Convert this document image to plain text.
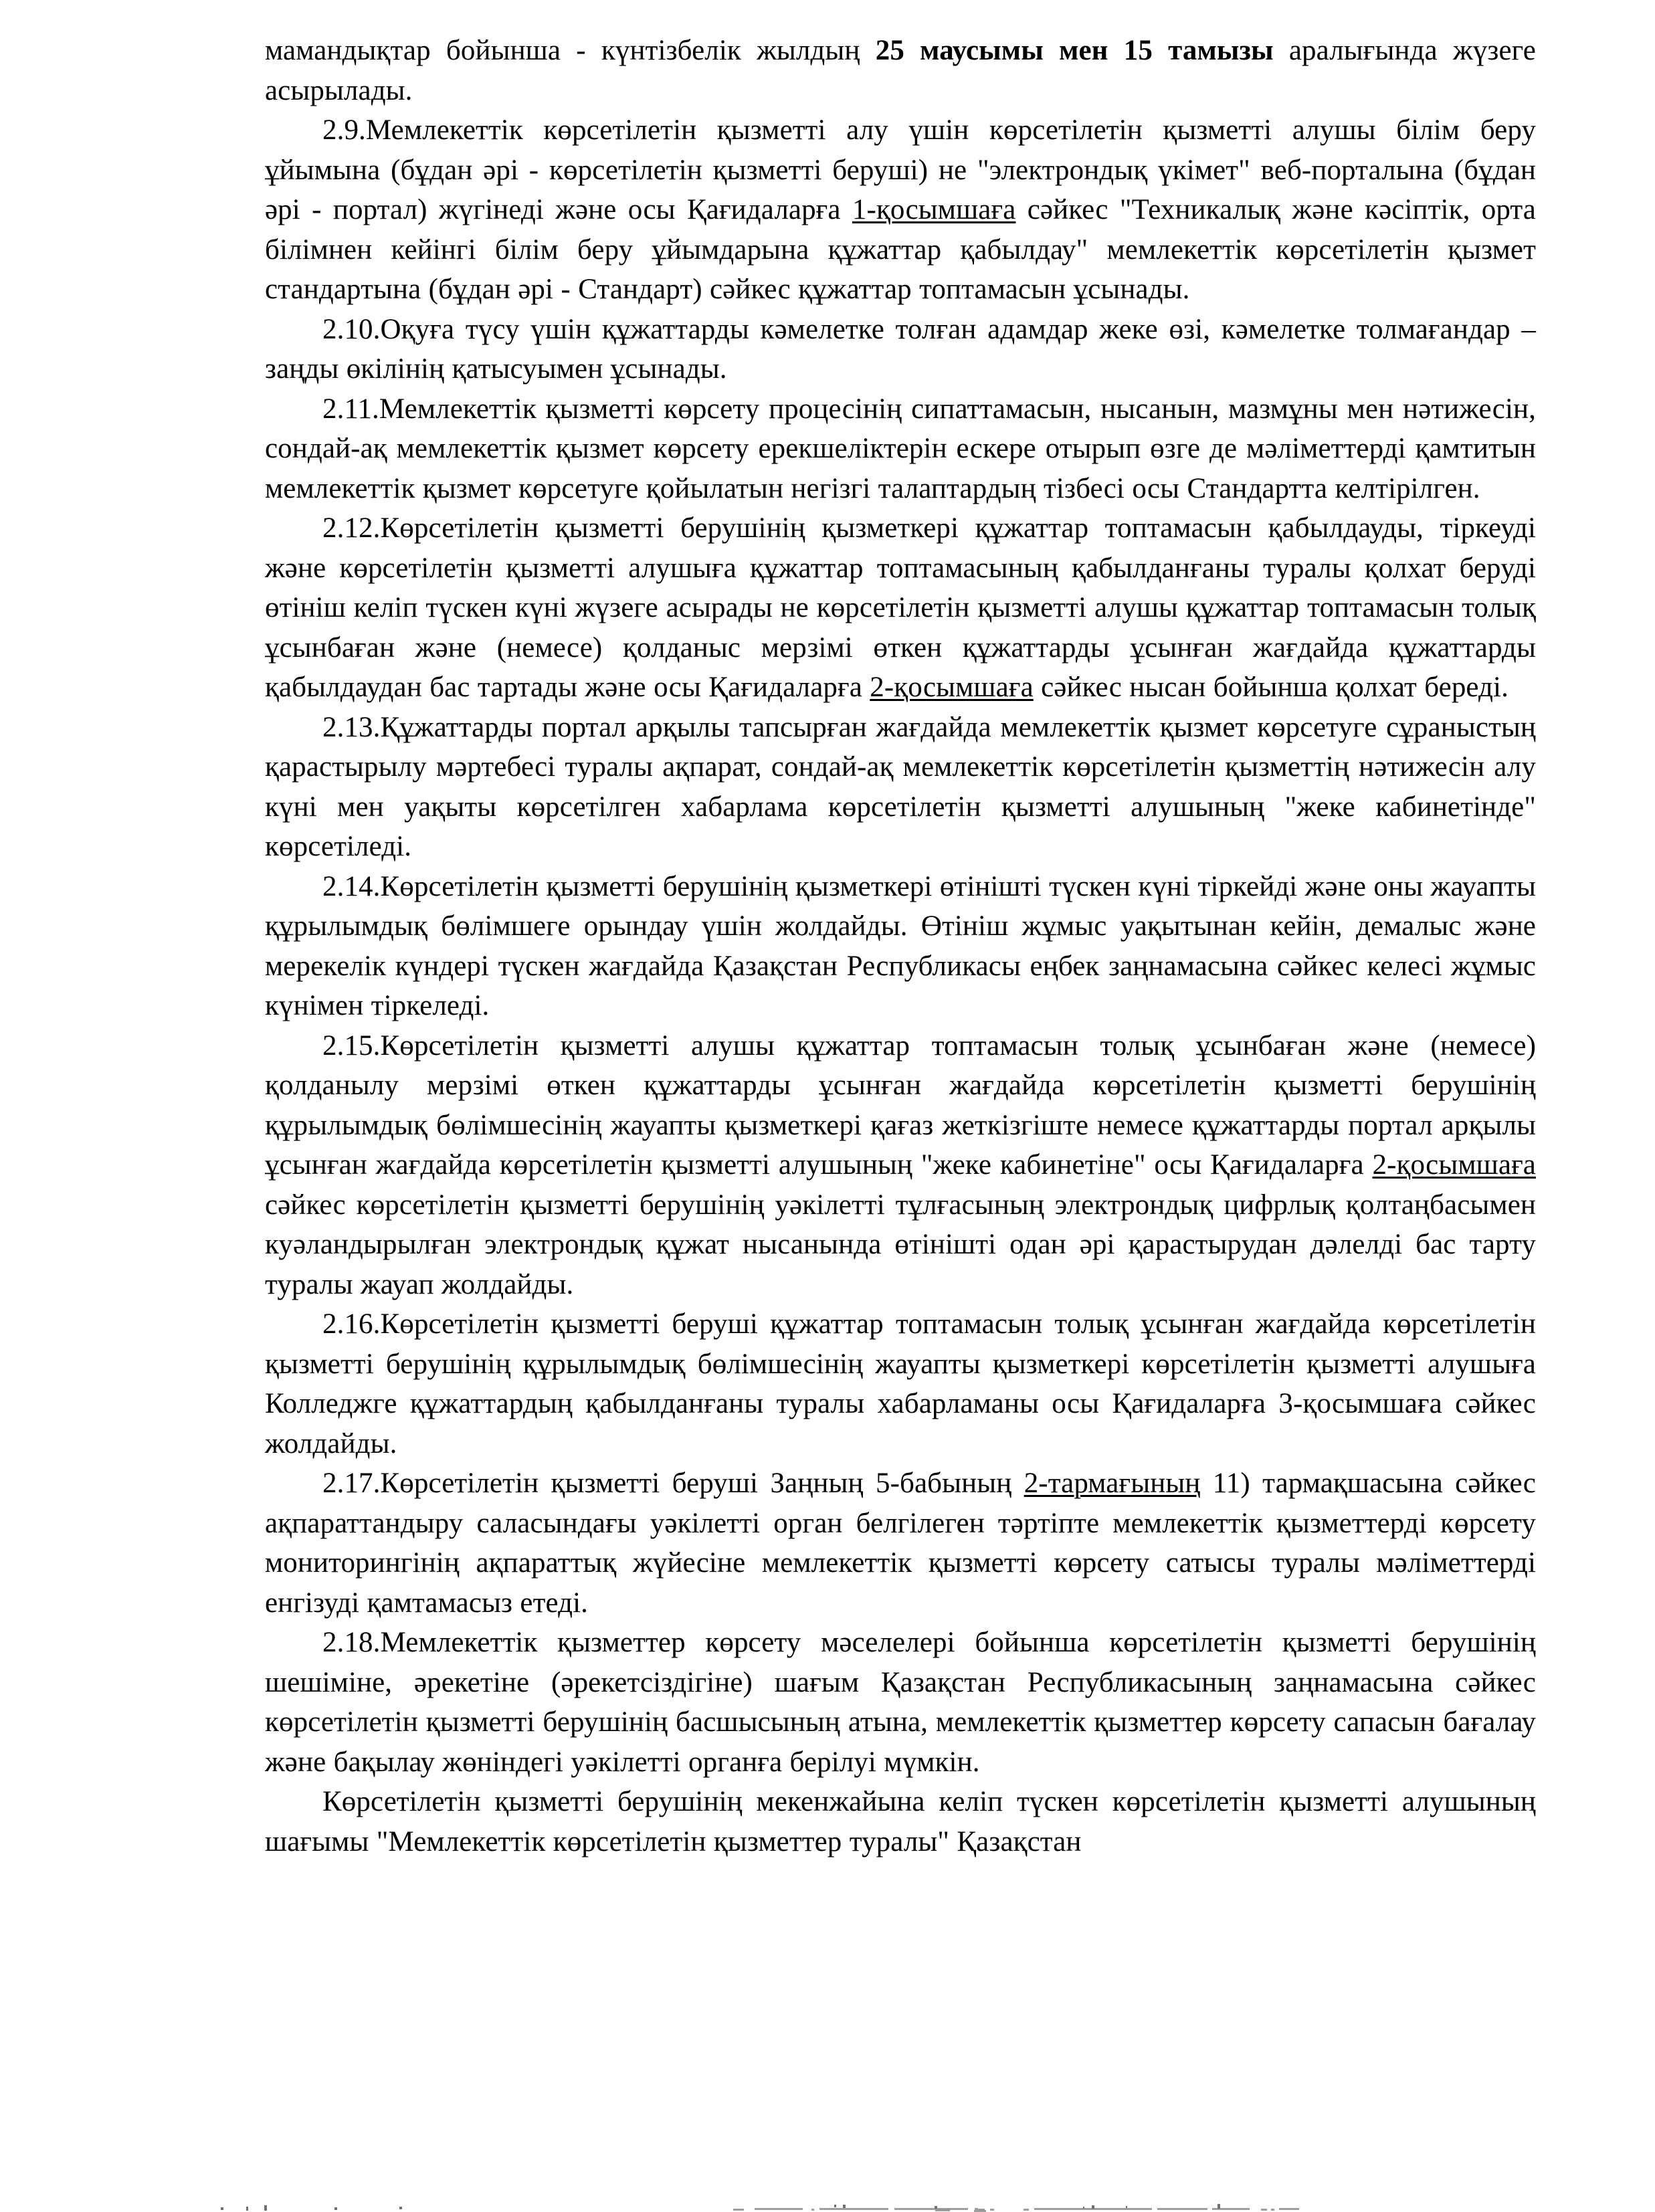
мамандықтар бойынша - күнтізбелік жылдың 25 маусымы мен 15 тамызы аралығында жүзеге асырылады.

2.9.Мемлекеттік көрсетілетін қызметті алу үшін көрсетілетін қызметті алушы білім беру ұйымына (бұдан әрі - көрсетілетін қызметті беруші) не "электрондық үкімет" веб-порталына (бұдан әрі - портал) жүгінеді және осы Қағидаларға 1-қосымшаға сәйкес "Техникалық және кәсіптік, орта білімнен кейінгі білім беру ұйымдарына құжаттар қабылдау" мемлекеттік көрсетілетін қызмет стандартына (бұдан әрі - Стандарт) сәйкес құжаттар топтамасын ұсынады.

2.10.Оқуға түсу үшін құжаттарды кәмелетке толған адамдар жеке өзі, кәмелетке толмағандар – заңды өкілінің қатысуымен ұсынады.

2.11.Мемлекеттік қызметті көрсету процесінің сипаттамасын, нысанын, мазмұны мен нәтижесін, сондай-ақ мемлекеттік қызмет көрсету ерекшеліктерін ескере отырып өзге де мәліметтерді қамтитын мемлекеттік қызмет көрсетуге қойылатын негізгі талаптардың тізбесі осы Стандартта келтірілген.

2.12.Көрсетілетін қызметті берушінің қызметкері құжаттар топтамасын қабылдауды, тіркеуді және көрсетілетін қызметті алушыға құжаттар топтамасының қабылданғаны туралы қолхат беруді өтініш келіп түскен күні жүзеге асырады не көрсетілетін қызметті алушы құжаттар топтамасын толық ұсынбаған және (немесе) қолданыс мерзімі өткен құжаттарды ұсынған жағдайда құжаттарды қабылдаудан бас тартады және осы Қағидаларға 2-қосымшаға сәйкес нысан бойынша қолхат береді.

2.13.Құжаттарды портал арқылы тапсырған жағдайда мемлекеттік қызмет көрсетуге сұраныстың қарастырылу мәртебесі туралы ақпарат, сондай-ақ мемлекеттік көрсетілетін қызметтің нәтижесін алу күні мен уақыты көрсетілген хабарлама көрсетілетін қызметті алушының "жеке кабинетінде" көрсетіледі.

2.14.Көрсетілетін қызметті берушінің қызметкері өтінішті түскен күні тіркейді және оны жауапты құрылымдық бөлімшеге орындау үшін жолдайды. Өтініш жұмыс уақытынан кейін, демалыс және мерекелік күндері түскен жағдайда Қазақстан Республикасы еңбек заңнамасына сәйкес келесі жұмыс күнімен тіркеледі.

2.15.Көрсетілетін қызметті алушы құжаттар топтамасын толық ұсынбаған және (немесе) қолданылу мерзімі өткен құжаттарды ұсынған жағдайда көрсетілетін қызметті берушінің құрылымдық бөлімшесінің жауапты қызметкері қағаз жеткізгіште немесе құжаттарды портал арқылы ұсынған жағдайда көрсетілетін қызметті алушының "жеке кабинетіне" осы Қағидаларға 2-қосымшаға сәйкес көрсетілетін қызметті берушінің уәкілетті тұлғасының электрондық цифрлық қолтаңбасымен куәландырылған электрондық құжат нысанында өтінішті одан әрі қарастырудан дәлелді бас тарту туралы жауап жолдайды.

2.16.Көрсетілетін қызметті беруші құжаттар топтамасын толық ұсынған жағдайда көрсетілетін қызметті берушінің құрылымдық бөлімшесінің жауапты қызметкері көрсетілетін қызметті алушыға Колледжге құжаттардың қабылданғаны туралы хабарламаны осы Қағидаларға 3-қосымшаға сәйкес жолдайды.

2.17.Көрсетілетін қызметті беруші Заңның 5-бабының 2-тармағының 11) тармақшасына сәйкес ақпараттандыру саласындағы уәкілетті орган белгілеген тәртіпте мемлекеттік қызметтерді көрсету мониторингінің ақпараттық жүйесіне мемлекеттік қызметті көрсету сатысы туралы мәліметтерді енгізуді қамтамасыз етеді.

2.18.Мемлекеттік қызметтер көрсету мәселелері бойынша көрсетілетін қызметті берушінің шешіміне, әрекетіне (әрекетсіздігіне) шағым Қазақстан Республикасының заңнамасына сәйкес көрсетілетін қызметті берушінің басшысының атына, мемлекеттік қызметтер көрсету сапасын бағалау және бақылау жөніндегі уәкілетті органға берілуі мүмкін.

Көрсетілетін қызметті берушінің мекенжайына келіп түскен көрсетілетін қызметті алушының шағымы "Мемлекеттік көрсетілетін қызметтер туралы" Қазақстан
